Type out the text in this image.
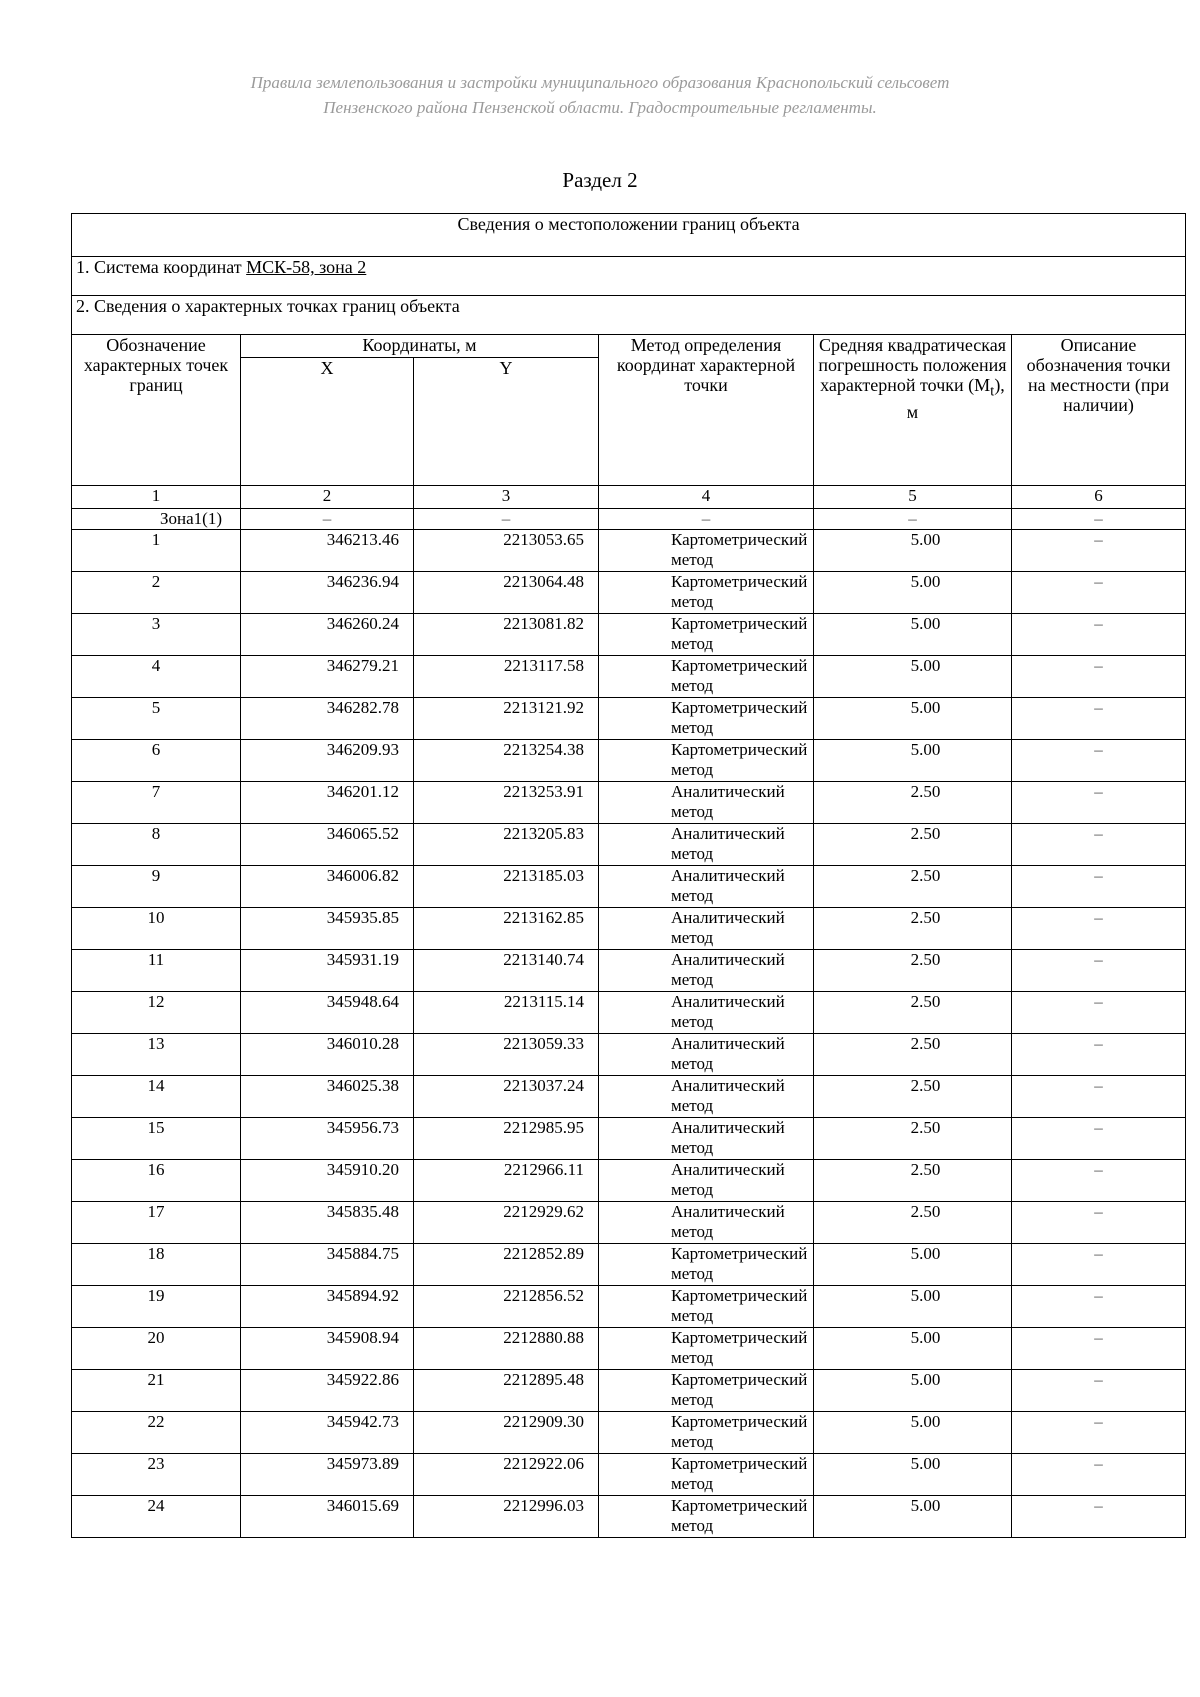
Правила землепользования и застройки муниципального образования Краснопольский сельсовет
Пензенского района Пензенской области. Градостроительные регламенты.
Раздел 2
Сведения о местоположении границ объекта					
1. Система координат МСК-58, зона 2					
2. Сведения о характерных точках границ объекта					
Обозначение характерных точек границ	Координаты, м		Метод определения координат характерной точки	Средняя квадратическая погрешность положения характерной точки $(M_t)$, м	Описание обозначения точки на местности (при наличии)
	X	Y			
1	2	3	4	5	6
Зона1(1)	–	–	–	–	–
1	346213.46	2213053.65	Картометрический метод	5.00	–
2	346236.94	2213064.48	Картометрический метод	5.00	–
3	346260.24	2213081.82	Картометрический метод	5.00	–
4	346279.21	2213117.58	Картометрический метод	5.00	–
5	346282.78	2213121.92	Картометрический метод	5.00	–
6	346209.93	2213254.38	Картометрический метод	5.00	–
7	346201.12	2213253.91	Аналитический метод	2.50	–
8	346065.52	2213205.83	Аналитический метод	2.50	–
9	346006.82	2213185.03	Аналитический метод	2.50	–
10	345935.85	2213162.85	Аналитический метод	2.50	–
11	345931.19	2213140.74	Аналитический метод	2.50	–
12	345948.64	2213115.14	Аналитический метод	2.50	–
13	346010.28	2213059.33	Аналитический метод	2.50	–
14	346025.38	2213037.24	Аналитический метод	2.50	–
15	345956.73	2212985.95	Аналитический метод	2.50	–
16	345910.20	2212966.11	Аналитический метод	2.50	–
17	345835.48	2212929.62	Аналитический метод	2.50	–
18	345884.75	2212852.89	Картометрический метод	5.00	–
19	345894.92	2212856.52	Картометрический метод	5.00	–
20	345908.94	2212880.88	Картометрический метод	5.00	–
21	345922.86	2212895.48	Картометрический метод	5.00	–
22	345942.73	2212909.30	Картометрический метод	5.00	–
23	345973.89	2212922.06	Картометрический метод	5.00	–
24	346015.69	2212996.03	Картометрический метод	5.00	–
